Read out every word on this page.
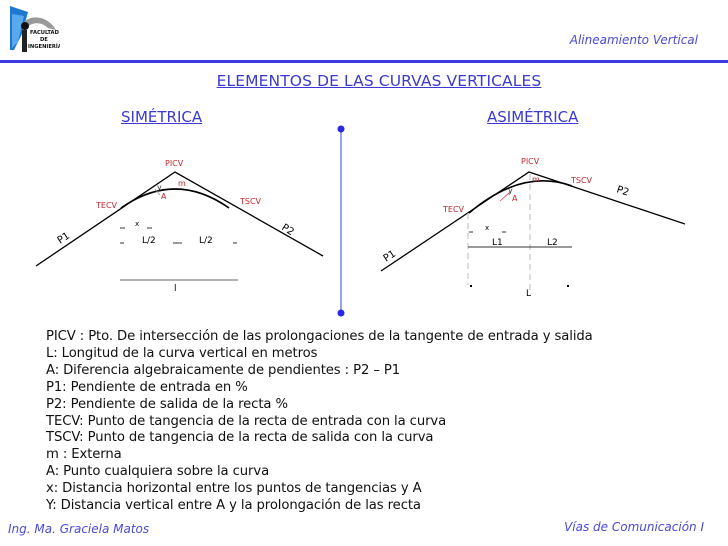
FACULTAD
DE
INGENIERÍA	Alineamiento Vertical
ELEMENTOS DE LAS CURVAS VERTICALES
SIMÉTRICA	ASIMÉTRICA
PICV
m
y
A
TECV	TSCV
P1
P2
x
L/2	L/2
l
PICV
m
y
A
TECV
TSCV
P1
P2
x
L1	L2
L
PICV : Pto. De intersección de las prolongaciones de la tangente de entrada y salida
L: Longitud de la curva vertical en metros
A: Diferencia algebraicamente de pendientes : P2 – P1
P1: Pendiente de entrada en %
P2: Pendiente de salida de la recta %
TECV: Punto de tangencia de la recta de entrada con la curva
TSCV: Punto de tangencia de la recta de salida con la curva
m : Externa
A: Punto cualquiera sobre la curva
x: Distancia horizontal entre los puntos de tangencias y A
Y: Distancia vertical entre A y la prolongación de las recta
Ing. Ma. Graciela Matos	Vías de Comunicación I
